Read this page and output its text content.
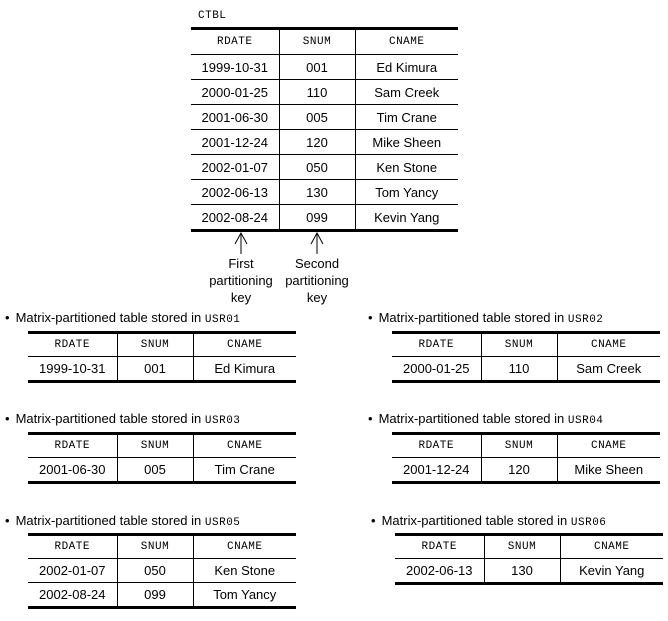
CTBL
RDATE	SNUM	CNAME
1999-10-31	001	Ed Kimura
2000-01-25	110	Sam Creek
2001-06-30	005	Tim Crane
2001-12-24	120	Mike Sheen
2002-01-07	050	Ken Stone
2002-06-13	130	Tom Yancy
2002-08-24	099	Kevin Yang
First
partitioning
key
Second
partitioning
key
• Matrix-partitioned table stored in USR01
RDATE	SNUM	CNAME
1999-10-31	001	Ed Kimura
• Matrix-partitioned table stored in USR02
RDATE	SNUM	CNAME
2000-01-25	110	Sam Creek
• Matrix-partitioned table stored in USR03
RDATE	SNUM	CNAME
2001-06-30	005	Tim Crane
• Matrix-partitioned table stored in USR04
RDATE	SNUM	CNAME
2001-12-24	120	Mike Sheen
• Matrix-partitioned table stored in USR05
RDATE	SNUM	CNAME
2002-01-07	050	Ken Stone
2002-08-24	099	Tom Yancy
• Matrix-partitioned table stored in USR06
RDATE	SNUM	CNAME
2002-06-13	130	Kevin Yang
